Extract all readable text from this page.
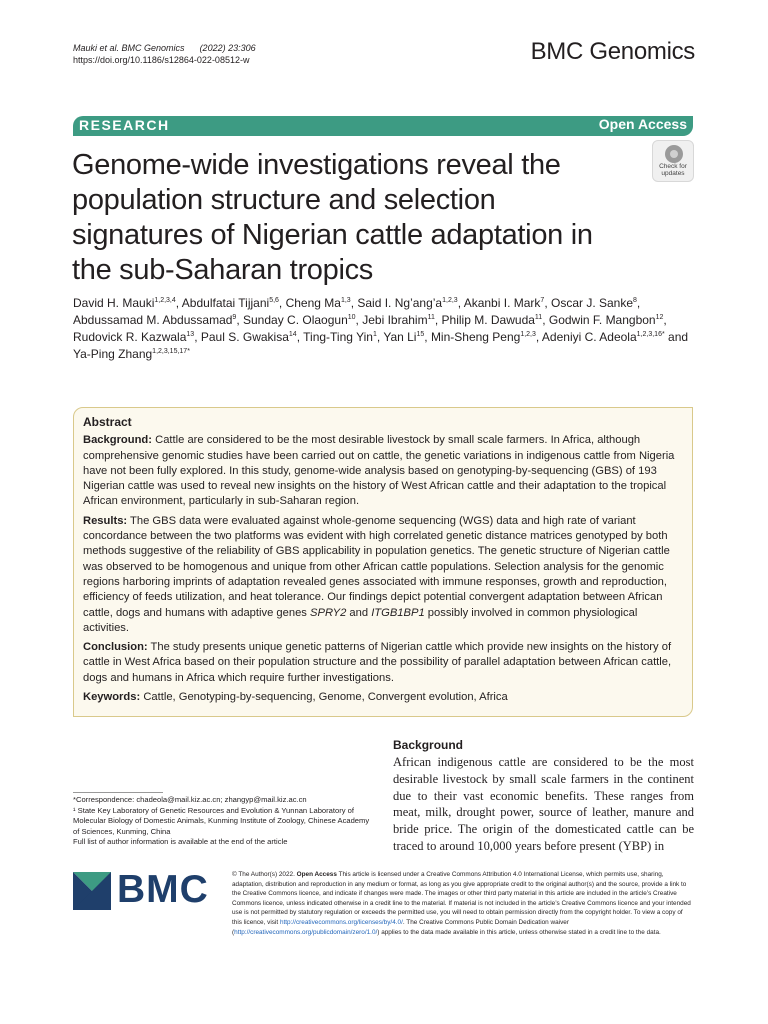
Mauki et al. BMC Genomics (2022) 23:306
https://doi.org/10.1186/s12864-022-08512-w	BMC Genomics
RESEARCH	Open Access
Check for
updates
Genome-wide investigations reveal the population structure and selection signatures of Nigerian cattle adaptation in the sub-Saharan tropics
David H. Mauki$^{1,2,3,4}$, Abdulfatai Tijjani$^{5,6}$, Cheng Ma$^{1,3}$, Said I. $Ng’ang’a^{1,2,3}$, Akanbi I. Mark$^7$, Oscar J. Sanke$^8$, Abdussamad M. Abdussamad$^9$, Sunday C. Olaogun$^{10}$, Jebi Ibrahim$^{11}$, Philip M. Dawuda$^{11}$, Godwin F. Mangbon$^{12}$, Rudovick R. Kazwala$^{13}$, Paul S. Gwakisa$^{14}$, Ting-Ting Yin$^1$, Yan Li$^{15}$, Min-Sheng Peng$^{1,2,3}$, Adeniyi C. Adeola$^{1,2,3,16*}$ and Ya-Ping Zhang$^{1,2,3,15,17*}$
Abstract

Background: Cattle are considered to be the most desirable livestock by small scale farmers. In Africa, although comprehensive genomic studies have been carried out on cattle, the genetic variations in indigenous cattle from Nigeria have not been fully explored. In this study, genome-wide analysis based on genotyping-by-sequencing (GBS) of 193 Nigerian cattle was used to reveal new insights on the history of West African cattle and their adaptation to the tropical African environment, particularly in sub-Saharan region.

Results: The GBS data were evaluated against whole-genome sequencing (WGS) data and high rate of variant concordance between the two platforms was evident with high correlated genetic distance matrices genotyped by both methods suggestive of the reliability of GBS applicability in population genetics. The genetic structure of Nigerian cattle was observed to be homogenous and unique from other African cattle populations. Selection analysis for the genomic regions harboring imprints of adaptation revealed genes associated with immune responses, growth and reproduction, efficiency of feeds utilization, and heat tolerance. Our findings depict potential convergent adaptation between African cattle, dogs and humans with adaptive genes SPRY2 and ITGB1BP1 possibly involved in common physiological activities.

Conclusion: The study presents unique genetic patterns of Nigerian cattle which provide new insights on the history of cattle in West Africa based on their population structure and the possibility of parallel adaptation between African cattle, dogs and humans in Africa which require further investigations.

Keywords: Cattle, Genotyping-by-sequencing, Genome, Convergent evolution, Africa

Background
African indigenous cattle are considered to be the most desirable livestock by small scale farmers in the continent due to their vast economic benefits. These ranges from meat, milk, drought power, source of leather, manure and bride price. The origin of the domesticated cattle can be traced to around 10,000 years before present (YBP) in
*Correspondence: chadeola@mail.kiz.ac.cn; zhangyp@mail.kiz.ac.cn
¹ State Key Laboratory of Genetic Resources and Evolution & Yunnan Laboratory of Molecular Biology of Domestic Animals, Kunming Institute of Zoology, Chinese Academy of Sciences, Kunming, China
Full list of author information is available at the end of the article
BMC	© The Author(s) 2022. Open Access This article is licensed under a Creative Commons Attribution 4.0 International License, which permits use, sharing, adaptation, distribution and reproduction in any medium or format, as long as you give appropriate credit to the original author(s) and the source, provide a link to the Creative Commons licence, and indicate if changes were made. The images or other third party material in this article are included in the article’s Creative Commons licence, unless indicated otherwise in a credit line to the material. If material is not included in the article’s Creative Commons licence and your intended use is not permitted by statutory regulation or exceeds the permitted use, you will need to obtain permission directly from the copyright holder. To view a copy of this licence, visit http://creativecommons.org/licenses/by/4.0/. The Creative Commons Public Domain Dedication waiver (http://creativecommons.org/publicdomain/zero/1.0/) applies to the data made available in this article, unless otherwise stated in a credit line to the data.
